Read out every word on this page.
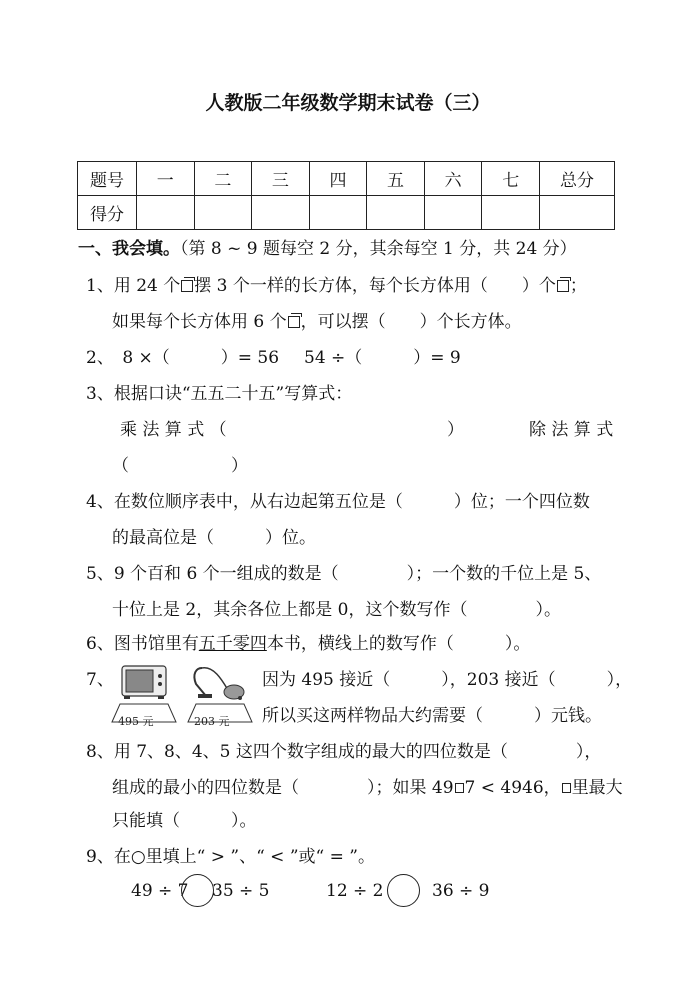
人教版二年级数学期末试卷（三）
题号	一	二	三	四	五	六	七	总分
得分								
一、我会填。（第 8 ~ 9 题每空 2 分，其余每空 1 分，共 24 分）
1、用 24 个 摆 3 个一样的长方体，每个长方体用（　　）个 ；
如果每个长方体用 6 个 ，可以摆（　　）个长方体。
2、　8 ×（　　　）= 56 54 ÷（　　　）= 9
3、根据口诀“五五二十五”写算式：
乘 法 算 式 （	）	除 法 算 式
（　　　　　　）
4、在数位顺序表中，从右边起第五位是（　　　）位；一个四位数
的最高位是（　　　）位。
5、9 个百和 6 个一组成的数是（　　　　）；一个数的千位上是 5、
十位上是 2，其余各位上都是 0，这个数写作（　　　　）。
6、图书馆里有五千零四本书，横线上的数写作（　　　）。
7、
495 元	203 元
因为 495 接近（　　　），203 接近（　　　），
所以买这两样物品大约需要（　　　）元钱。
8、用 7、8、4、5 这四个数字组成的最大的四位数是（　　　　），
组成的最小的四位数是（　　　　）；如果 49 7 < 4946， 里最大
只能填（　　　）。
9、在○里填上“ > ”、“ < ”或“ = ”。
49 ÷ 7 35 ÷ 5	12 ÷ 2	36 ÷ 9
